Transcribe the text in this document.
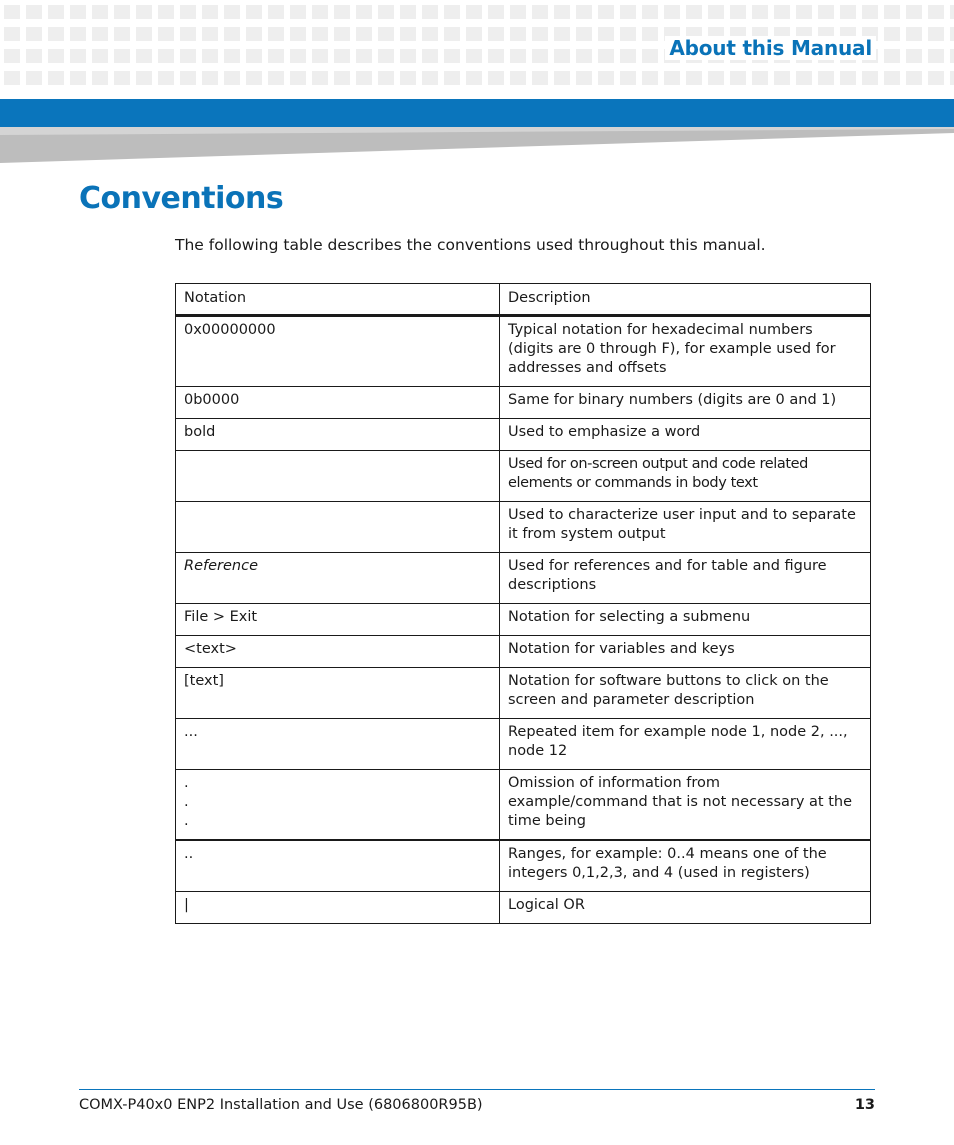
About this Manual
Conventions
The following table describes the conventions used throughout this manual.
Notation	Description
0x00000000	Typical notation for hexadecimal numbers (digits are 0 through F), for example used for addresses and offsets
0b0000	Same for binary numbers (digits are 0 and 1)
bold	Used to emphasize a word
	Used for on-screen output and code related elements or commands in body text
	Used to characterize user input and to separate it from system output
Reference	Used for references and for table and figure descriptions
File > Exit	Notation for selecting a submenu
<text>	Notation for variables and keys
[text]	Notation for software buttons to click on the screen and parameter description
...	Repeated item for example node 1, node 2, ..., node 12

.
.
.	Omission of information from example/command that is not necessary at the time being
..	Ranges, for example: 0..4 means one of the integers 0,1,2,3, and 4 (used in registers)
|	Logical OR
COMX-P40x0 ENP2 Installation and Use (6806800R95B)	13
